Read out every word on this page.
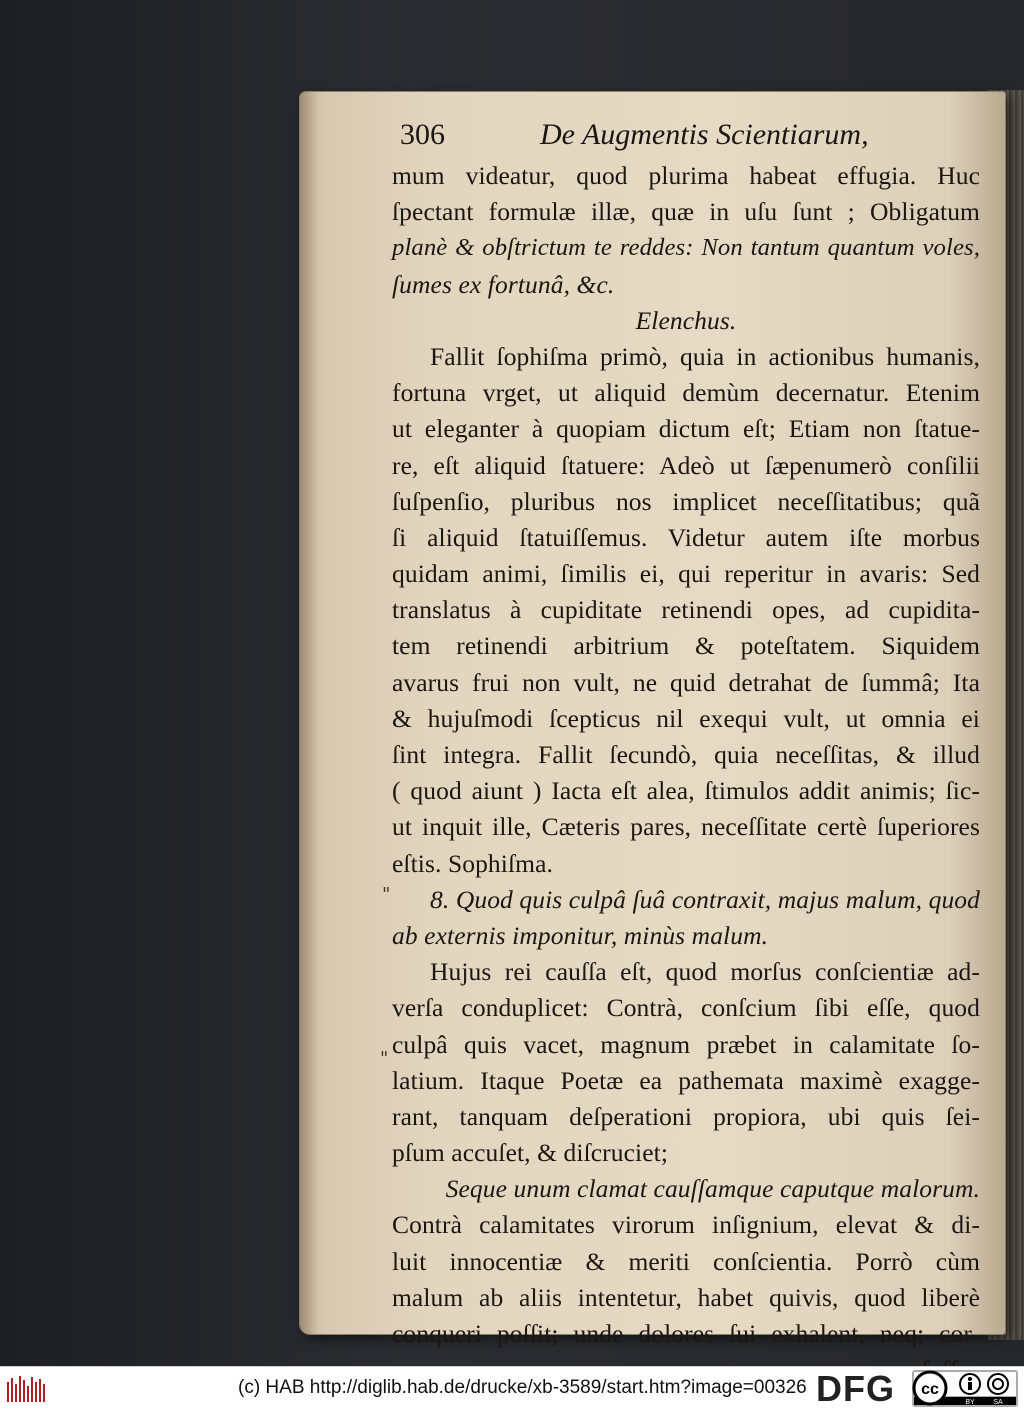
306	De Augmentis Scientiarum,
mum videatur, quod plurima habeat effugia. Huc
ſpectant formulæ illæ, quæ in uſu ſunt ; Obligatum
planè & obſtrictum te reddes: Non tantum quantum voles,
ſumes ex fortunâ, &c.
Elenchus.
Fallit ſophiſma primò, quia in actionibus humanis,
fortuna vrget, ut aliquid demùm decernatur. Etenim
ut eleganter à quopiam dictum eſt; Etiam non ſtatue-
re, eſt aliquid ſtatuere: Adeò ut ſæpenumerò conſilii
ſuſpenſio, pluribus nos implicet neceſſitatibus; quã
ſi aliquid ſtatuiſſemus. Videtur autem iſte morbus
quidam animi, ſimilis ei, qui reperitur in avaris: Sed
translatus à cupiditate retinendi opes, ad cupidita-
tem retinendi arbitrium & poteſtatem. Siquidem
avarus frui non vult, ne quid detrahat de ſummâ; Ita
& hujuſmodi ſcepticus nil exequi vult, ut omnia ei
ſint integra. Fallit ſecundò, quia neceſſitas, & illud
( quod aiunt ) Iacta eſt alea, ſtimulos addit animis; ſic-
ut inquit ille, Cæteris pares, neceſſitate certè ſuperiores
eſtis. Sophiſma.
8. Quod quis culpâ ſuâ contraxit, majus malum, quod
ab externis imponitur, minùs malum.
Hujus rei cauſſa eſt, quod morſus conſcientiæ ad-
verſa conduplicet: Contrà, conſcium ſibi eſſe, quod
culpâ quis vacet, magnum præbet in calamitate ſo-
latium. Itaque Poetæ ea pathemata maximè exagge-
rant, tanquam deſperationi propiora, ubi quis ſei-
pſum accuſet, & diſcruciet;
Seque unum clamat cauſſamque caputque malorum.
Contrà calamitates virorum inſignium, elevat & di-
luit innocentiæ & meriti conſcientia. Porrò cùm
malum ab aliis intentetur, habet quivis, quod liberè
conqueri poſſit; unde dolores ſui exhalent, neq; cor-
"
"
(c) HAB http://diglib.hab.de/drucke/xb-3589/start.htm?image=00326 DFG cc
BY	SA
